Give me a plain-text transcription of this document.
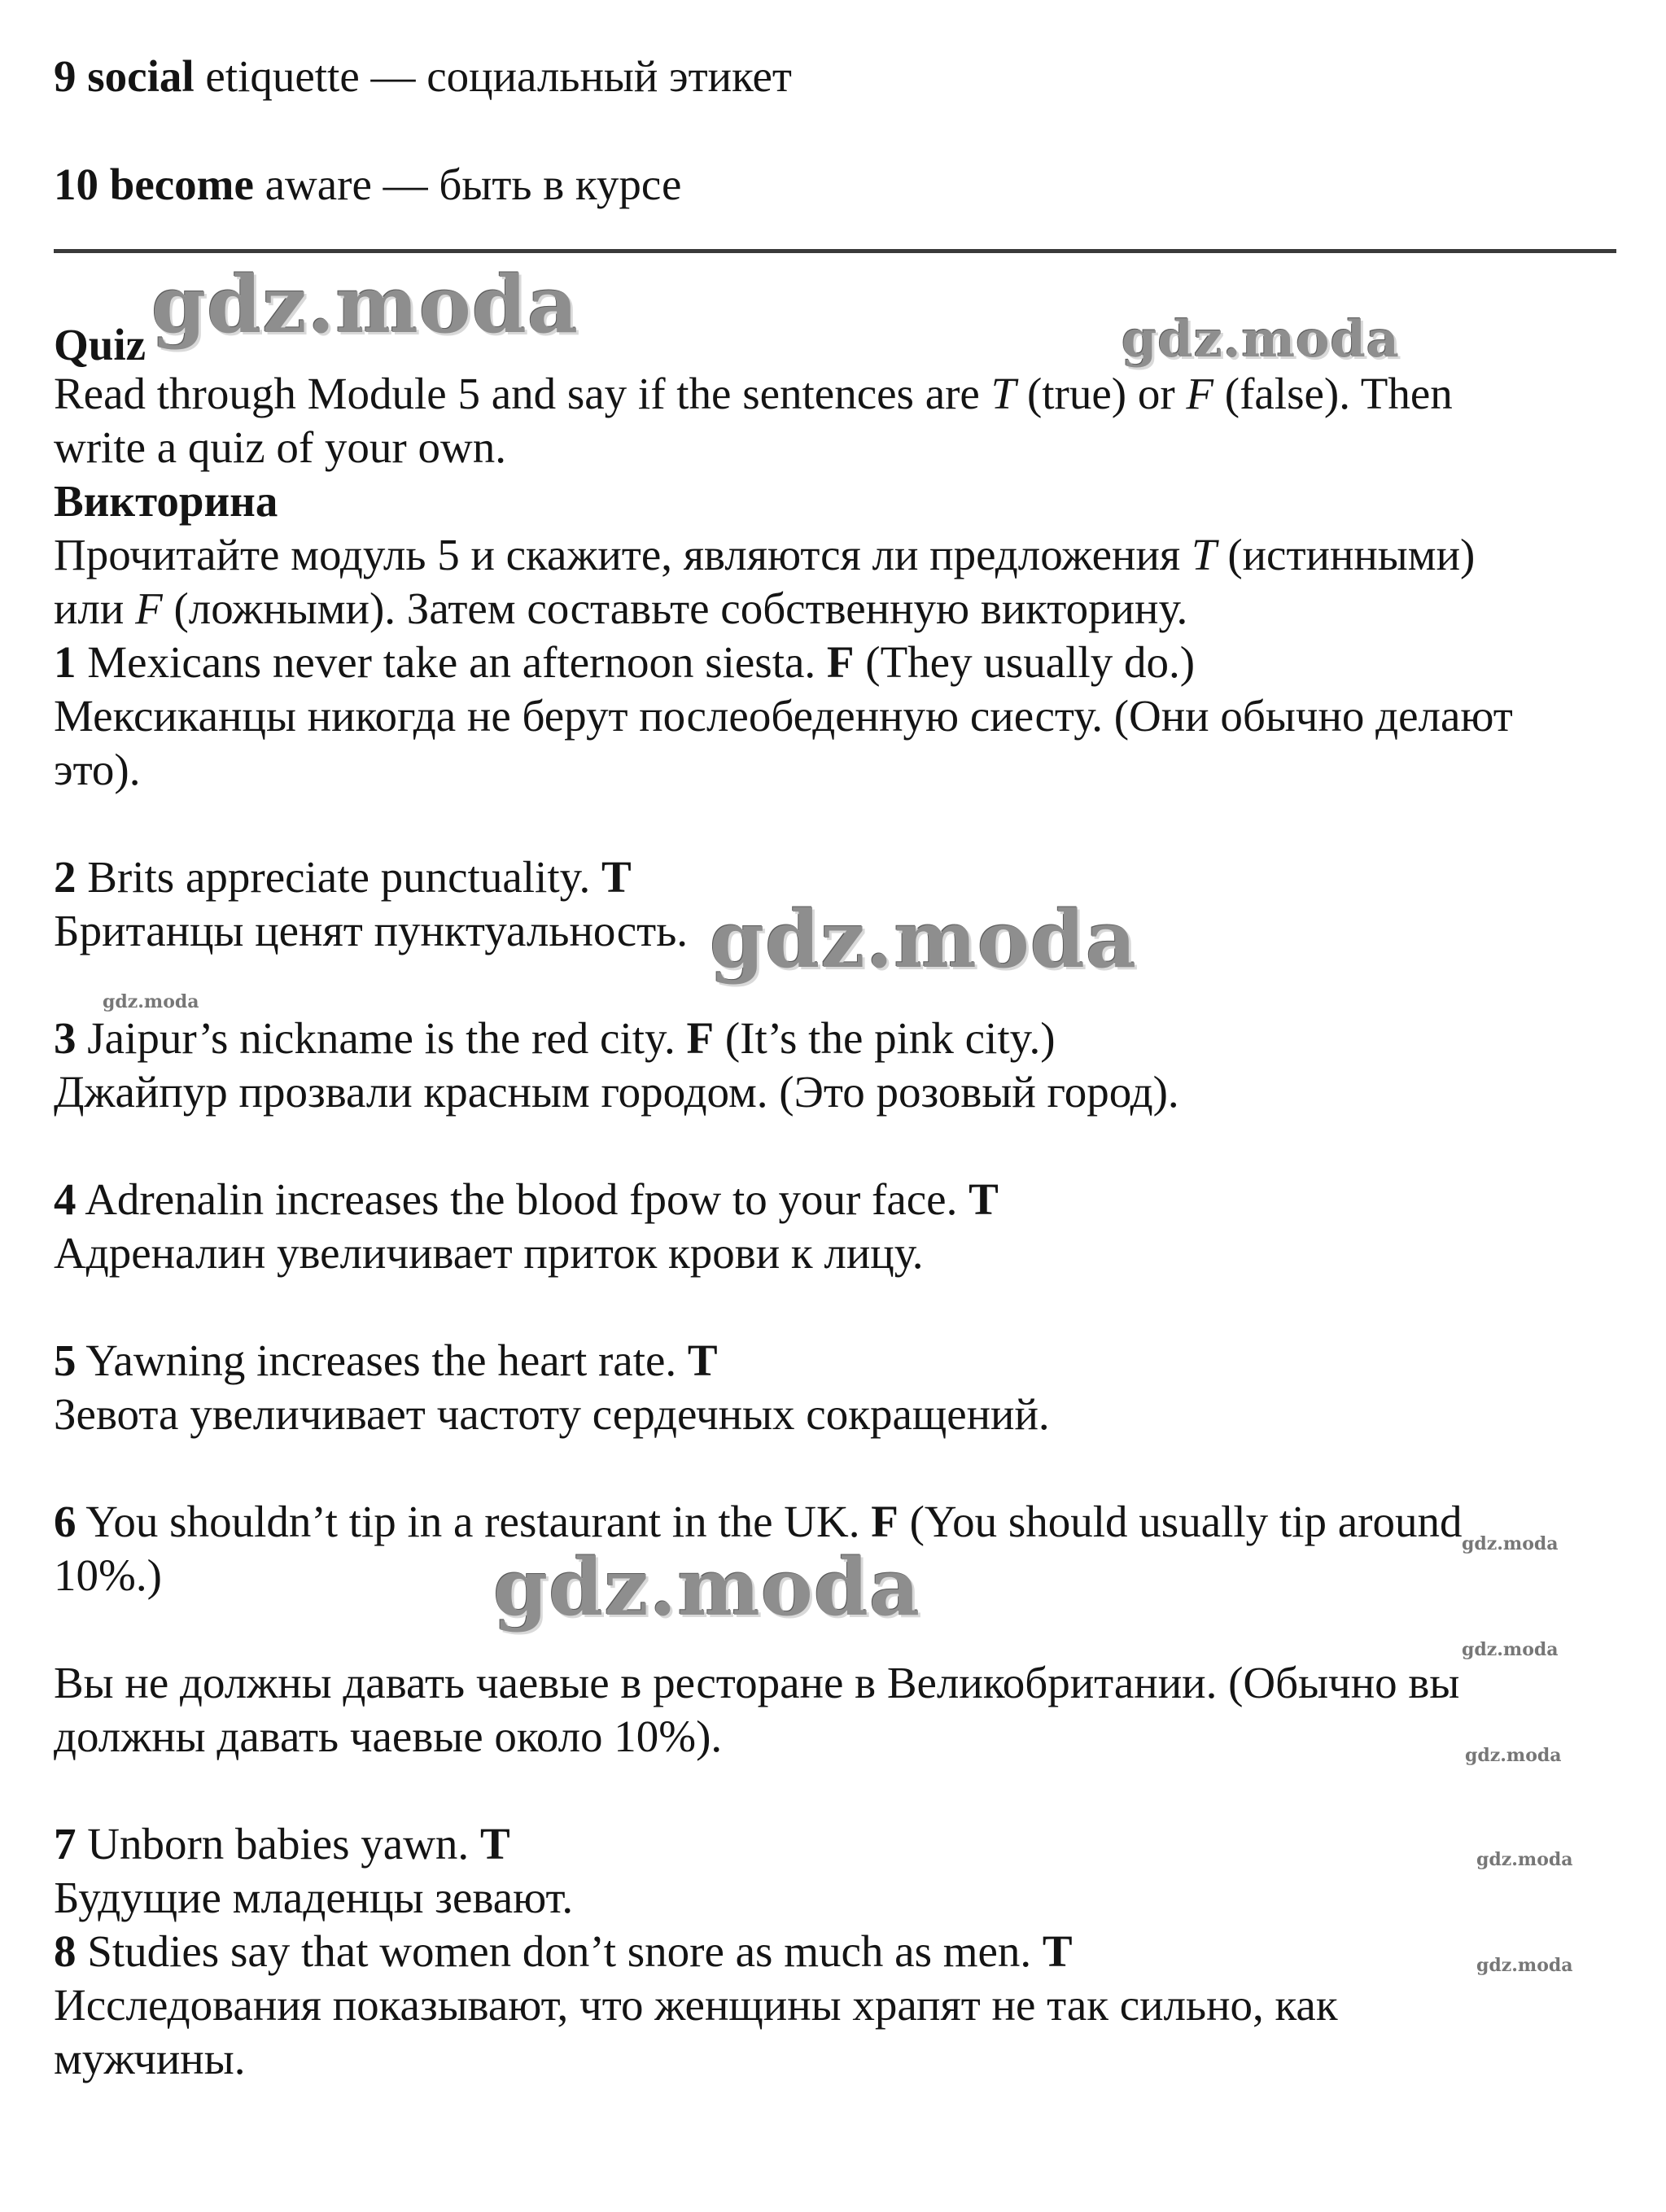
9 social etiquette — социальный этикет
10 become aware — быть в курсе
Quiz
Read through Module 5 and say if the sentences are T (true) or F (false). Then
write a quiz of your own.
Викторина
Прочитайте модуль 5 и скажите, являются ли предложения T (истинными)
или F (ложными). Затем составьте собственную викторину.
1 Mexicans never take an afternoon siesta. F (They usually do.)
Мексиканцы никогда не берут послеобеденную сиесту. (Они обычно делают
это).
2 Brits appreciate punctuality. T
Британцы ценят пунктуальность.
3 Jaipur’s nickname is the red city. F (It’s the pink city.)
Джайпур прозвали красным городом. (Это розовый город).
4 Adrenalin increases the blood fpow to your face. T
Адреналин увеличивает приток крови к лицу.
5 Yawning increases the heart rate. T
Зевота увеличивает частоту сердечных сокращений.
6 You shouldn’t tip in a restaurant in the UK. F (You should usually tip around
10%.)
Вы не должны давать чаевые в ресторане в Великобритании. (Обычно вы
должны давать чаевые около 10%).
7 Unborn babies yawn. T
Будущие младенцы зевают.
8 Studies say that women don’t snore as much as men. T
Исследования показывают, что женщины храпят не так сильно, как
мужчины.
gdz.moda	gdz.moda
gdz.moda
gdz.moda
gdz.moda	gdz.moda
gdz.moda
gdz.moda
gdz.moda
gdz.moda
